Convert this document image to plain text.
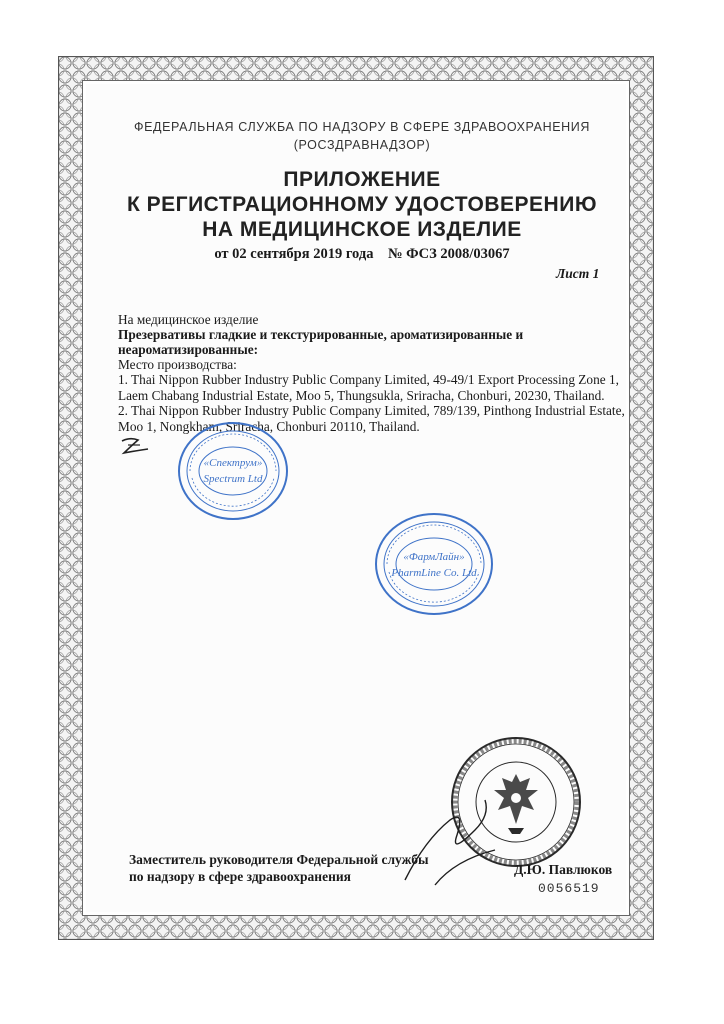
ФЕДЕРАЛЬНАЯ СЛУЖБА ПО НАДЗОРУ В СФЕРЕ ЗДРАВООХРАНЕНИЯ
(РОСЗДРАВНАДЗОР)
ПРИЛОЖЕНИЕ
К РЕГИСТРАЦИОННОМУ УДОСТОВЕРЕНИЮ
НА МЕДИЦИНСКОЕ ИЗДЕЛИЕ
от 02 сентября 2019 года № ФСЗ 2008/03067
Лист 1
На медицинское изделие
Презервативы гладкие и текстурированные, ароматизированные и
неароматизированные:
Место производства:
1. Thai Nippon Rubber Industry Public Company Limited, 49-49/1 Export Processing Zone 1,
Laem Chabang Industrial Estate, Moo 5, Thungsukla, Sriracha, Chonburi, 20230, Thailand.
2. Thai Nippon Rubber Industry Public Company Limited, 789/139, Pinthong Industrial Estate,
Moo 1, Nongkham, Sriracha, Chonburi 20110, Thailand.
«Спектрум»
Spectrum Ltd
«ФармЛайн»
PharmLine Co. Ltd
Заместитель руководителя Федеральной службы
по надзору в сфере здравоохранения	Д.Ю. Павлюков
0056519
